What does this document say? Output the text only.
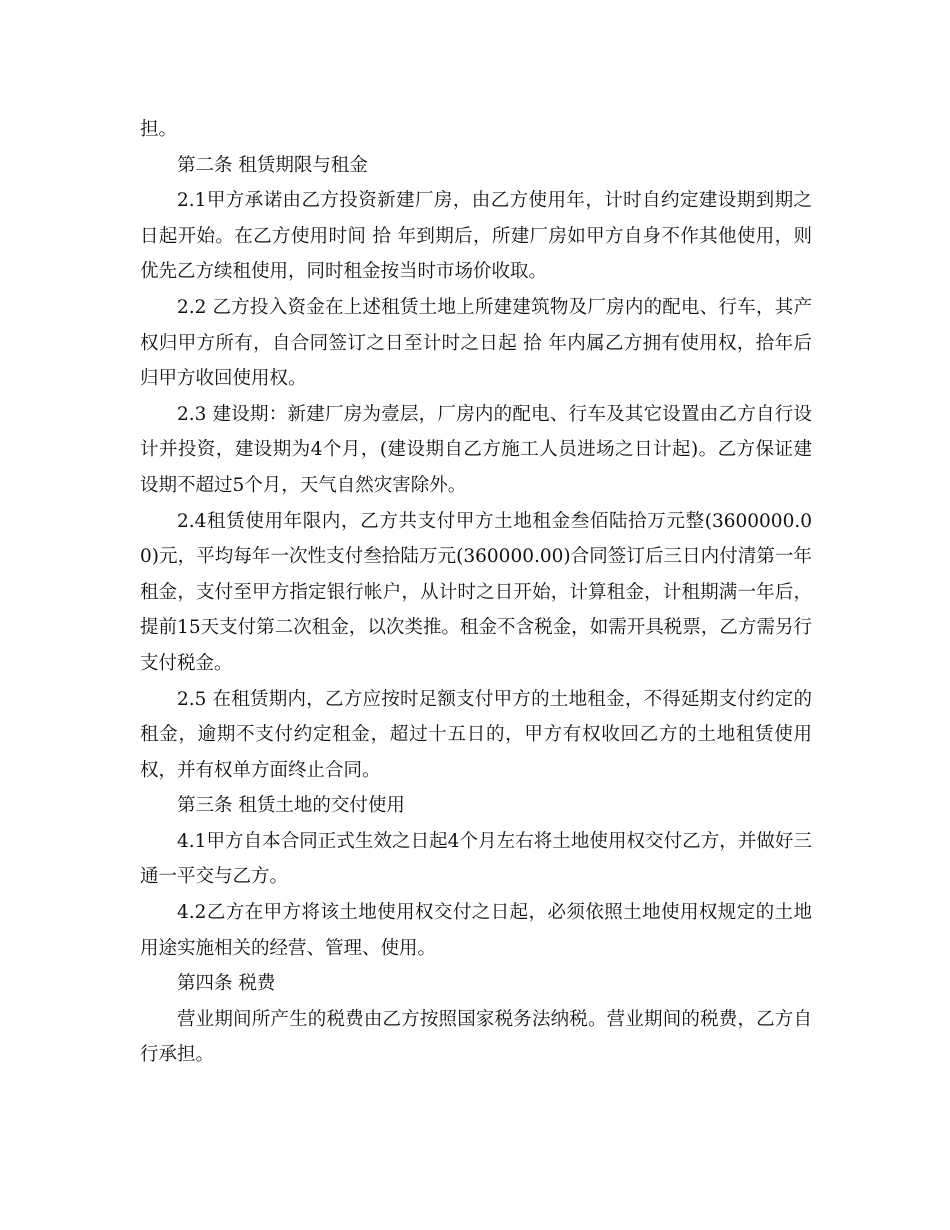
担。

第二条 租赁期限与租金

2.1甲方承诺由乙方投资新建厂房，由乙方使用年，计时自约定建设期到期之日起开始。在乙方使用时间 拾 年到期后，所建厂房如甲方自身不作其他使用，则优先乙方续租使用，同时租金按当时市场价收取。

2.2 乙方投入资金在上述租赁土地上所建建筑物及厂房内的配电、行车，其产权归甲方所有，自合同签订之日至计时之日起 拾 年内属乙方拥有使用权，拾年后归甲方收回使用权。

2.3 建设期：新建厂房为壹层，厂房内的配电、行车及其它设置由乙方自行设计并投资，建设期为4个月，(建设期自乙方施工人员进场之日计起)。乙方保证建设期不超过5个月，天气自然灾害除外。

2.4租赁使用年限内，乙方共支付甲方土地租金叁佰陆拾万元整(3600000.00)元，平均每年一次性支付叁拾陆万元(360000.00)合同签订后三日内付清第一年租金，支付至甲方指定银行帐户，从计时之日开始，计算租金，计租期满一年后，提前15天支付第二次租金，以次类推。租金不含税金，如需开具税票，乙方需另行支付税金。

2.5 在租赁期内，乙方应按时足额支付甲方的土地租金，不得延期支付约定的租金，逾期不支付约定租金，超过十五日的，甲方有权收回乙方的土地租赁使用权，并有权单方面终止合同。

第三条 租赁土地的交付使用

4.1甲方自本合同正式生效之日起4个月左右将土地使用权交付乙方，并做好三通一平交与乙方。

4.2乙方在甲方将该土地使用权交付之日起，必须依照土地使用权规定的土地用途实施相关的经营、管理、使用。

第四条 税费

营业期间所产生的税费由乙方按照国家税务法纳税。营业期间的税费，乙方自行承担。
